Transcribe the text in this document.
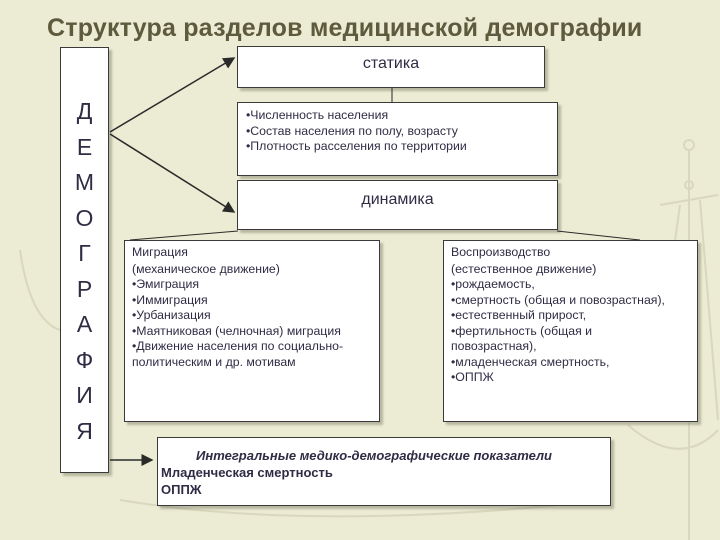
Структура разделов медицинской демографии
Д
Е
М
О
Г
Р
А
Ф
И
Я
статика
•Численность населения
•Состав населения по полу, возрасту
•Плотность расселения по территории
динамика
Миграция
(механическое движение)
•Эмиграция
•Иммиграция
•Урбанизация
•Маятниковая (челночная) миграция
•Движение населения по социально-
политическим и др. мотивам
Воспроизводство
(естественное движение)
•рождаемость,
•смертность (общая и повозрастная),
•естественный прирост,
•фертильность (общая и
повозрастная),
•младенческая смертность,
•ОППЖ
Интегральные медико-демографические показатели
Младенческая смертность
ОППЖ
